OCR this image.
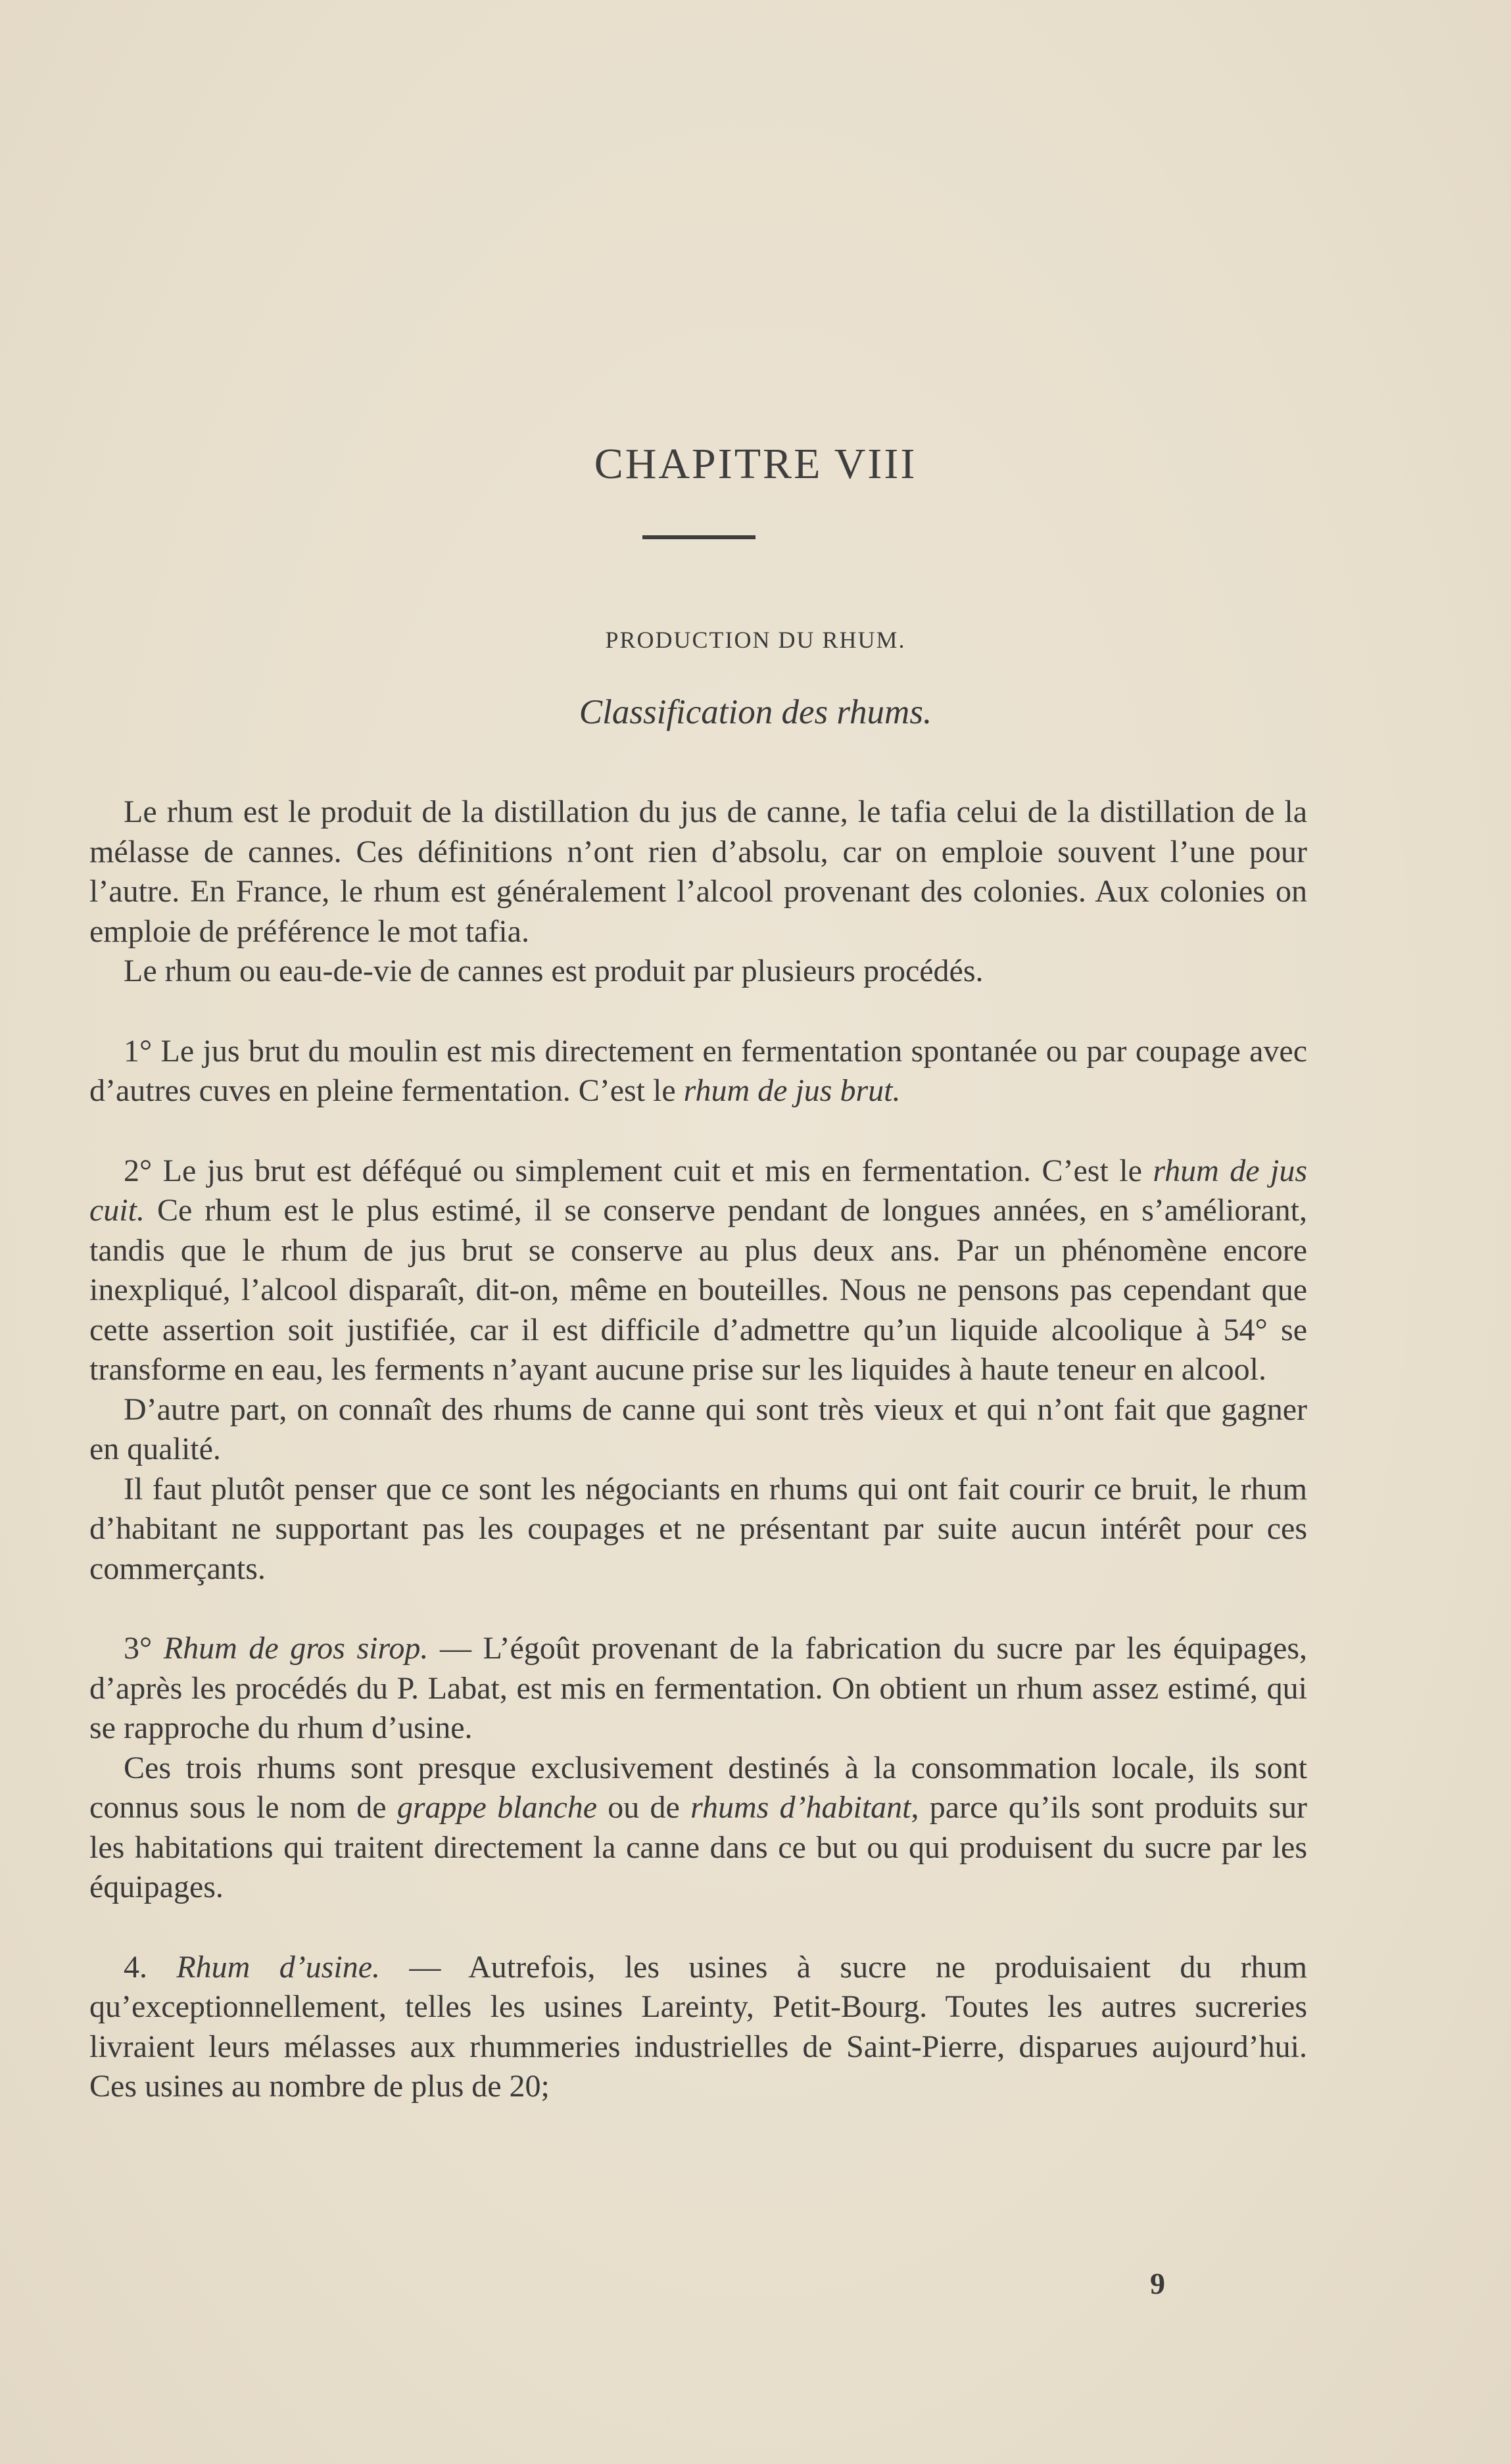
CHAPITRE VIII
PRODUCTION DU RHUM.
Classification des rhums.

Le rhum est le produit de la distillation du jus de canne, le tafia celui de la distillation de la mélasse de cannes. Ces définitions n’ont rien d’absolu, car on emploie souvent l’une pour l’autre. En France, le rhum est généralement l’alcool provenant des colonies. Aux colonies on emploie de préférence le mot tafia.

Le rhum ou eau-de-vie de cannes est produit par plusieurs procédés.

1° Le jus brut du moulin est mis directement en fermentation spontanée ou par coupage avec d’autres cuves en pleine fermentation. C’est le rhum de jus brut.

2° Le jus brut est déféqué ou simplement cuit et mis en fermentation. C’est le rhum de jus cuit. Ce rhum est le plus estimé, il se conserve pendant de longues années, en s’améliorant, tandis que le rhum de jus brut se conserve au plus deux ans. Par un phénomène encore inexpliqué, l’alcool disparaît, dit-on, même en bouteilles. Nous ne pensons pas cependant que cette assertion soit justifiée, car il est difficile d’admettre qu’un liquide alcoolique à 54° se transforme en eau, les ferments n’ayant aucune prise sur les liquides à haute teneur en alcool.

D’autre part, on connaît des rhums de canne qui sont très vieux et qui n’ont fait que gagner en qualité.

Il faut plutôt penser que ce sont les négociants en rhums qui ont fait courir ce bruit, le rhum d’habitant ne supportant pas les coupages et ne présentant par suite aucun intérêt pour ces commerçants.

3° Rhum de gros sirop. — L’égoût provenant de la fabrication du sucre par les équipages, d’après les procédés du P. Labat, est mis en fermentation. On obtient un rhum assez estimé, qui se rapproche du rhum d’usine.

Ces trois rhums sont presque exclusivement destinés à la consommation locale, ils sont connus sous le nom de grappe blanche ou de rhums d’habitant, parce qu’ils sont produits sur les habitations qui traitent directement la canne dans ce but ou qui produisent du sucre par les équipages.

4. Rhum d’usine. — Autrefois, les usines à sucre ne produisaient du rhum qu’exceptionnellement, telles les usines Lareinty, Petit-Bourg. Toutes les autres sucreries livraient leurs mélasses aux rhummeries industrielles de Saint-Pierre, disparues aujourd’hui. Ces usines au nombre de plus de 20;

9
